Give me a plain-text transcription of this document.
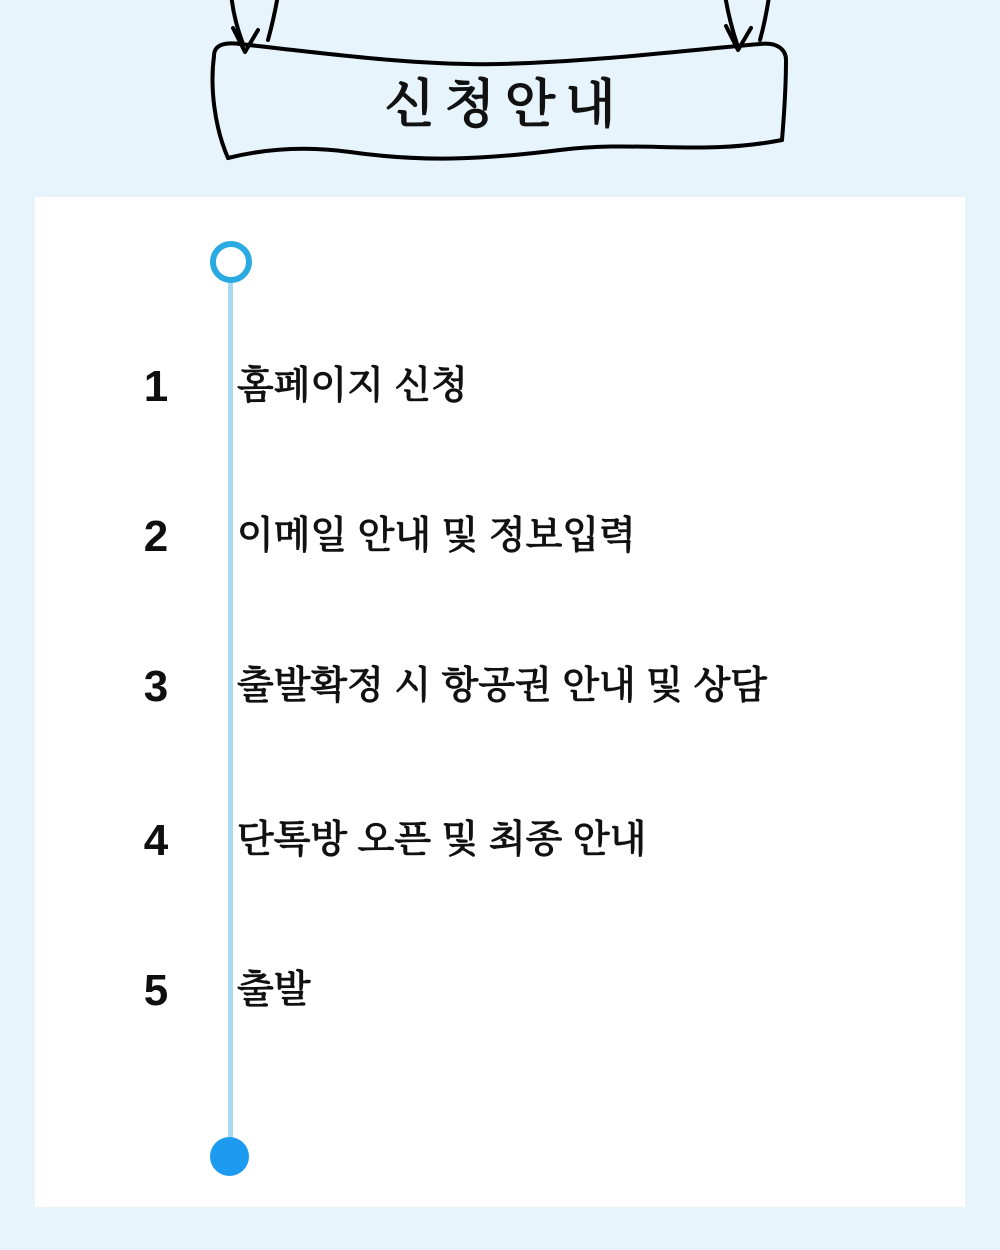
신청안내
1	홈페이지 신청
2	이메일 안내 및 정보입력
3	출발확정 시 항공권 안내 및 상담
4	단톡방 오픈 및 최종 안내
5	출발
